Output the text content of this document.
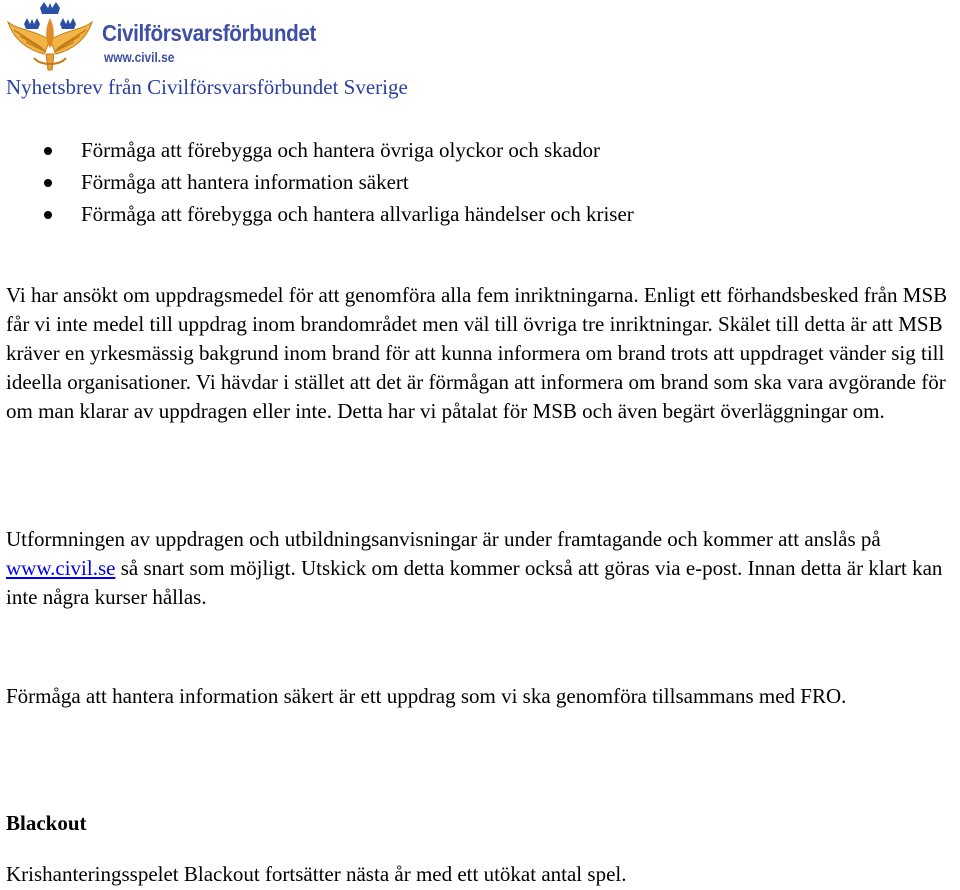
Civilförsvarsförbundet
www.civil.se
Nyhetsbrev från Civilförsvarsförbundet Sverige
Förmåga att förebygga och hantera övriga olyckor och skador
Förmåga att hantera information säkert
Förmåga att förebygga och hantera allvarliga händelser och kriser

Vi har ansökt om uppdragsmedel för att genomföra alla fem inriktningarna. Enligt ett förhandsbesked från MSB får vi inte medel till uppdrag inom brandområdet men väl till övriga tre inriktningar. Skälet till detta är att MSB kräver en yrkesmässig bakgrund inom brand för att kunna informera om brand trots att uppdraget vänder sig till ideella organisationer. Vi hävdar i stället att det är förmågan att informera om brand som ska vara avgörande för om man klarar av uppdragen eller inte. Detta har vi påtalat för MSB och även begärt överläggningar om.

Utformningen av uppdragen och utbildningsanvisningar är under framtagande och kommer att anslås på www.civil.se så snart som möjligt. Utskick om detta kommer också att göras via e-post. Innan detta är klart kan inte några kurser hållas.

Förmåga att hantera information säkert är ett uppdrag som vi ska genomföra tillsammans med FRO.

Blackout

Krishanteringsspelet Blackout fortsätter nästa år med ett utökat antal spel.
